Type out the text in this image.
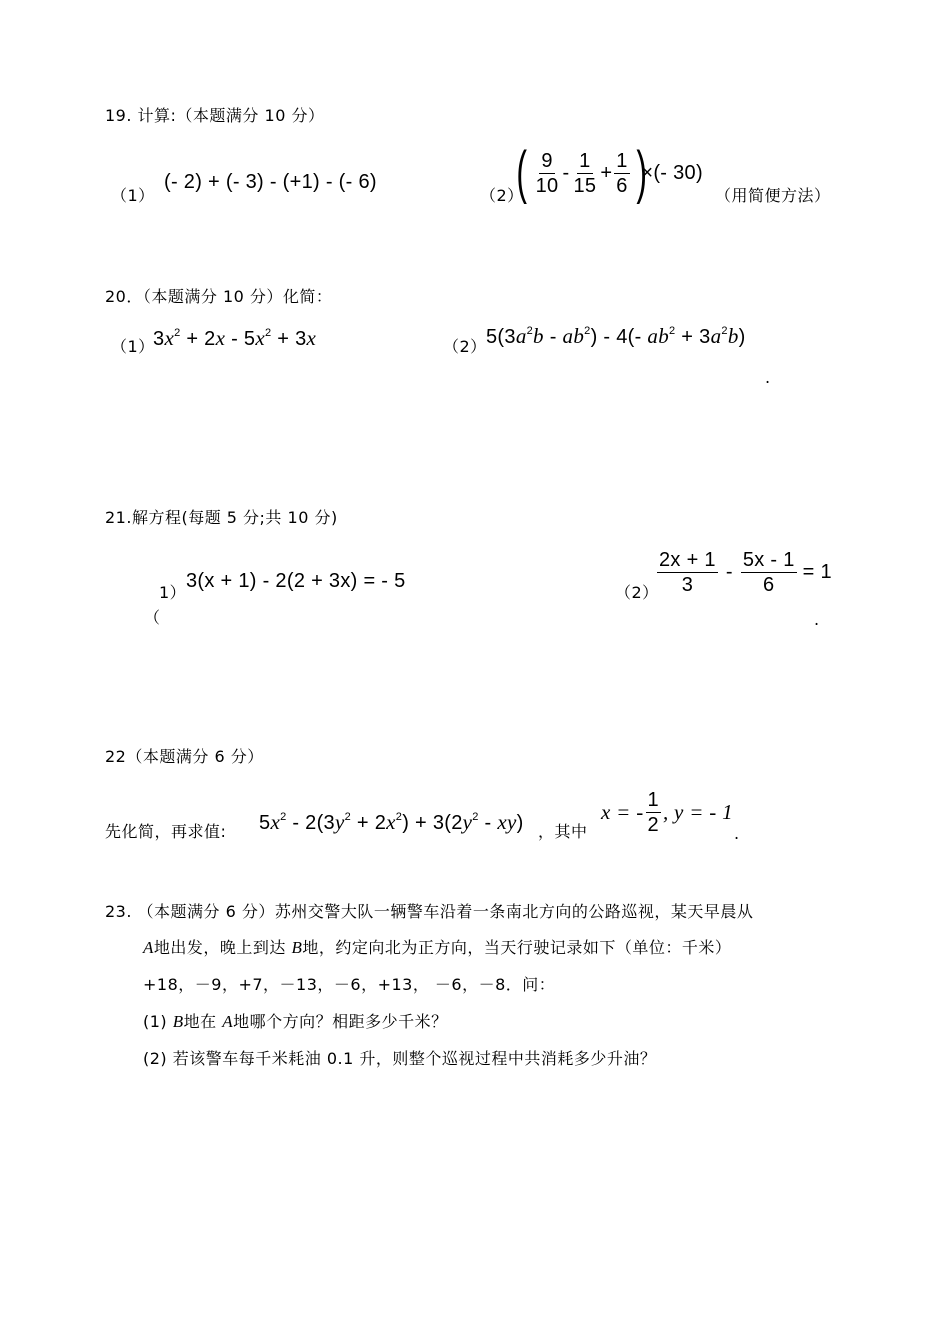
19. 计算:（本题满分 10 分）
（1）
(- 2) + (- 3) - (+1) - (- 6)
（2）
( $\frac{9}{10} - \frac{1}{15} + \frac{1}{6}$ )
×(- 30)
（用简便方法）
20．（本题满分 10 分）化简：
（1）
$3x^2 + 2x - 5x^2 + 3x$	（2） $5(3a^2b - ab^2) - 4(-$ $ab^2 + 3a^2b$)
.
21.解方程(每题 5 分;共 10 分)
1）
（
3(x + 1) - 2(2 + 3x) = - 5
（2）
$\frac{2x + 1}{3} - \frac{5x - 1}{6} = 1$
.
22（本题满分 6 分）
先化简，再求值: $5x^2 - 2(3y^2 + 2x^2) + 3(2y^2 - xy)$ ，其中
x = - $\frac{1}{2}$ , y = - 1
.
23. （本题满分 6 分）苏州交警大队一辆警车沿着一条南北方向的公路巡视，某天早晨从
A地出发，晚上到达 B地，约定向北为正方向，当天行驶记录如下（单位：千米）
+18，－9，+7，－13，－6，+13， －6，－8．问：
(1) B地在 A地哪个方向？相距多少千米？
(2) 若该警车每千米耗油 0.1 升，则整个巡视过程中共消耗多少升油？
